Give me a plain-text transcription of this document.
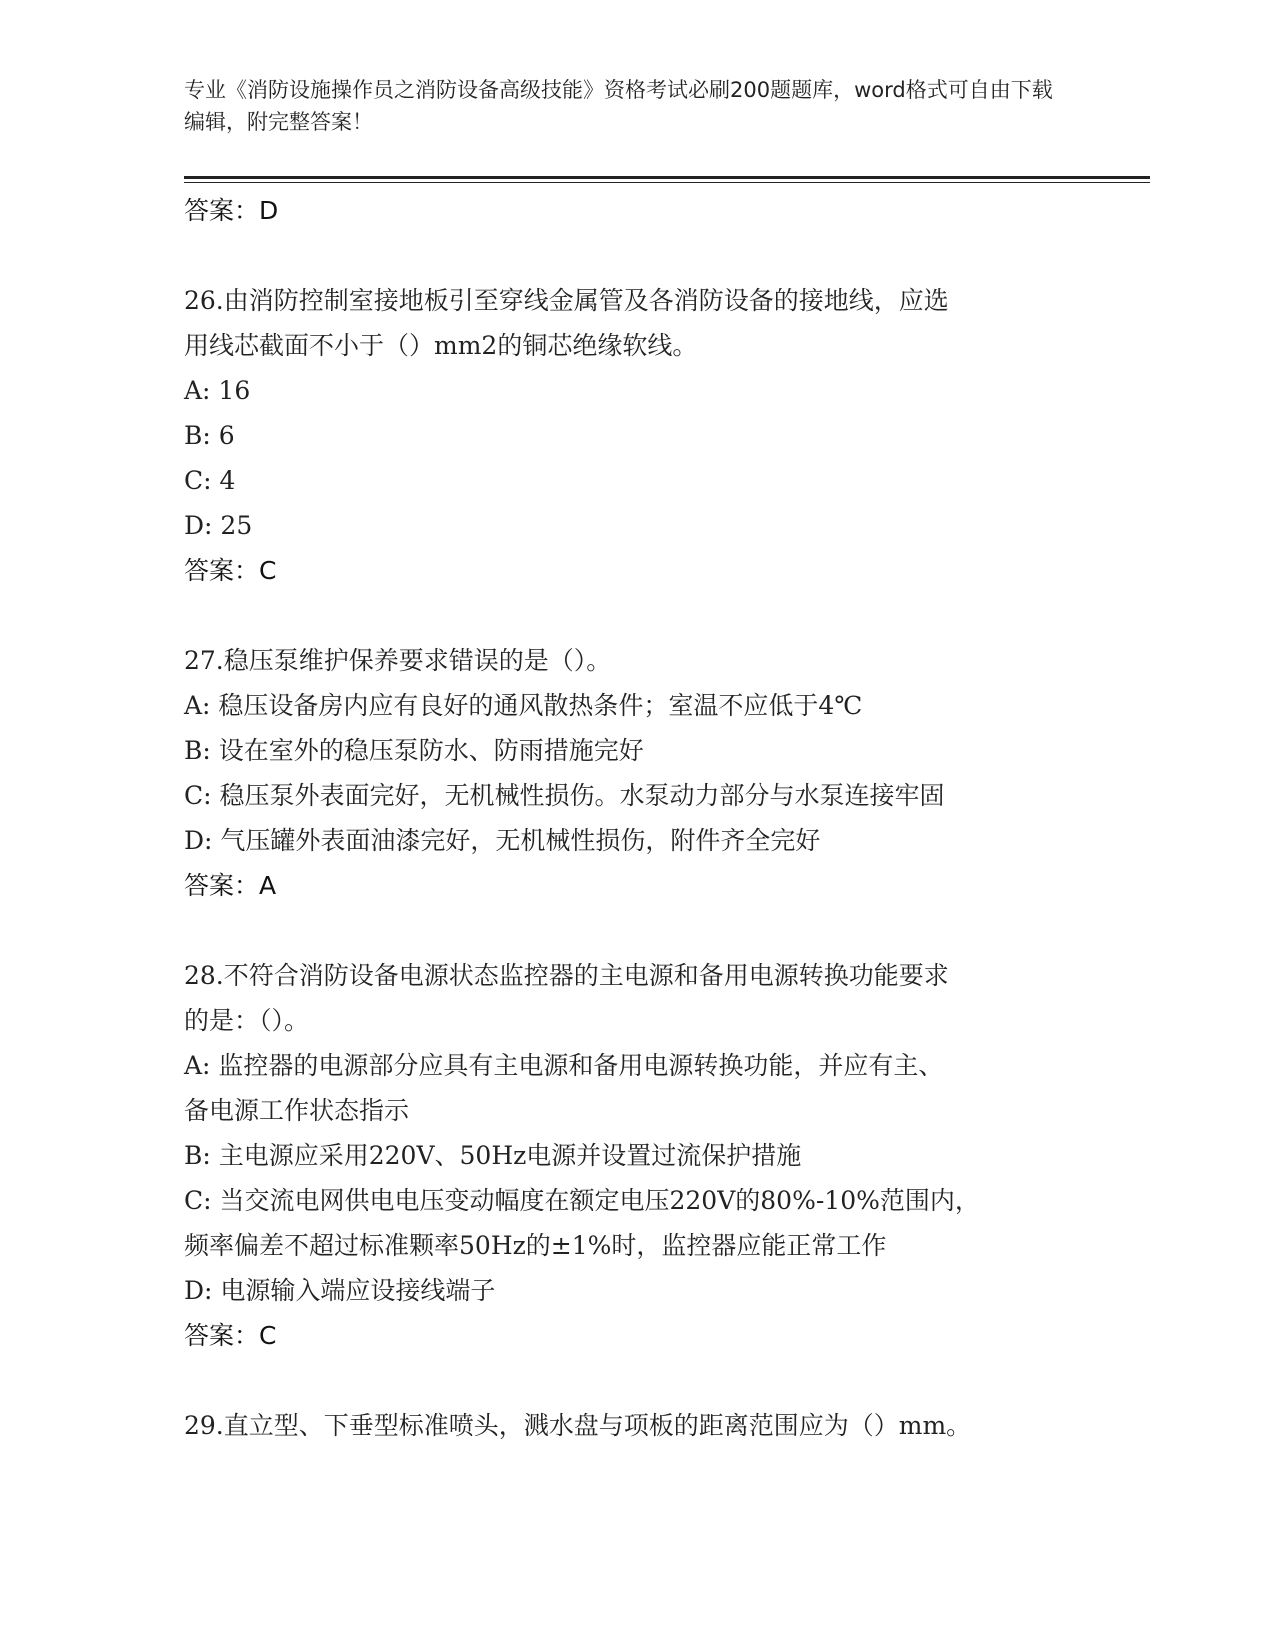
专业《消防设施操作员之消防设备高级技能》资格考试必刷200题题库，word格式可自由下载编辑，附完整答案！
答案：D
26.由消防控制室接地板引至穿线金属管及各消防设备的接地线，应选
用线芯截面不小于（）mm2的铜芯绝缘软线。
A: 16
B: 6
C: 4
D: 25
答案：C
27.稳压泵维护保养要求错误的是（）。
A: 稳压设备房内应有良好的通风散热条件；室温不应低于4℃
B: 设在室外的稳压泵防水、防雨措施完好
C: 稳压泵外表面完好，无机械性损伤。水泵动力部分与水泵连接牢固
D: 气压罐外表面油漆完好，无机械性损伤，附件齐全完好
答案：A
28.不符合消防设备电源状态监控器的主电源和备用电源转换功能要求
的是：（）。
A: 监控器的电源部分应具有主电源和备用电源转换功能，并应有主、
备电源工作状态指示
B: 主电源应采用220V、50Hz电源并设置过流保护措施
C: 当交流电网供电电压变动幅度在额定电压220V的80%-10%范围内，
频率偏差不超过标准颗率50Hz的±1%时，监控器应能正常工作
D: 电源输入端应设接线端子
答案：C
29.直立型、下垂型标准喷头，溅水盘与项板的距离范围应为（）mm。
